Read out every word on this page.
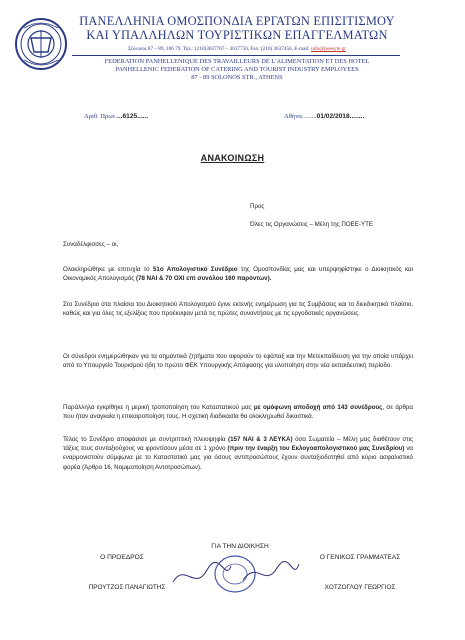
ΠΑΝΕΛΛΗΝΙΑ ΟΜΟΣΠΟΝΔΙΑ ΕΡΓΑΤΩΝ ΕΠΙΣΙΤΙΣΜΟΥ
ΚΑΙ ΥΠΑΛΛΗΛΩΝ ΤΟΥΡΙΣΤΙΚΩΝ ΕΠΑΓΓΕΛΜΑΤΩΝ
Σόλωνος 87 – 89, 106 79, Τηλ.: (210)3637767 – 3637756, Fax: (210) 3637456, E-mail: info@poeeyte.gr
FEDERATION PANHELLENIQUE DES TRAVAILLEURS DE L'ALIMENTATION ET DES HOTEL
PANHELLENIC FEDERATION OF CATERING AND TOURIST INDUSTRY EMPLOYEES
87 - 89 SOLONOS STR., ATHENS
Αριθ. Πρωτ....6125......	Αθήνα.........01/02/2018........
ΑΝΑΚΟΙΝΩΣΗ
Προς
Όλες τις Οργανώσεις – Μέλη της ΠΟΕΕ-ΥΤΕ
Συναδέλφισσες – οι,
Ολοκληρώθηκε με επιτυχία το 51ο Απολογιστικό Συνέδριο της Ομοσπονδίας μας και υπερψηφίστηκε ο Διοικητικός και Οικονομικός Απολογισμός (78 ΝΑΙ & 70 ΟΧΙ επί συνόλου 160 παρόντων).
Στο Συνέδριο στα πλαίσια του Διοικητικού Απολογισμού έγινε εκτενής ενημέρωση για τις Συμβάσεις και το διεκδικητικό πλαίσιο, καθώς και για όλες τις εξελίξεις που προέκυψαν μετά τις πρώτες συναντήσεις με τις εργοδοτικές οργανώσεις.
Οι σύνεδροι ενημερώθηκαν για τα σημαντικά ζητήματα που αφορούν το εφάπαξ και την Μετεκπαίδευση για την οποία υπάρχει από το Υπουργείο Τουρισμού ήδη το πρώτο ΦΕΚ Υπουργικής Απόφασης για υλοποίηση στην νέα εκπαιδευτική περίοδο.
Παράλληλα εγκρίθηκε η μερική τροποποίηση του Καταστατικού μας με ομόφωνη αποδοχή από 143 συνέδρους, σε άρθρα που ήταν αναγκαία η επικαιροποίηση τους. Η σχετική διαδικασία θα ολοκληρωθεί δικαστικά.
Τέλος το Συνέδριο αποφάσισε με συντριπτική πλειοψηφία (157 ΝΑΙ & 3 ΛΕΥΚΑ) όσα Σωματεία – Μέλη μας διαθέτουν στις τάξεις τους συνταξιούχους να φροντίσουν μέσα σε 1 χρόνο (πριν την έναρξη του Εκλογοαπολογιστικού μας Συνεδρίου) να εναρμονιστούν σύμφωνα με το Καταστατικό μας για όσους αντιπροσώπους έχουν συνταξιοδοτηθεί από κύριο ασφαλιστικό φορέα (Άρθρο 16, Νομιμοποίηση Αντιπροσώπων).
ΓΙΑ ΤΗΝ ΔΙΟΙΚΗΣΗ
Ο ΠΡΟΕΔΡΟΣ	Ο ΓΕΝΙΚΟΣ ΓΡΑΜΜΑΤΕΑΣ
ΠΡΟΥΤΖΟΣ ΠΑΝΑΓΙΩΤΗΣ	ΧΟΤΖΟΓΛΟΥ ΓΕΩΡΓΙΟΣ
